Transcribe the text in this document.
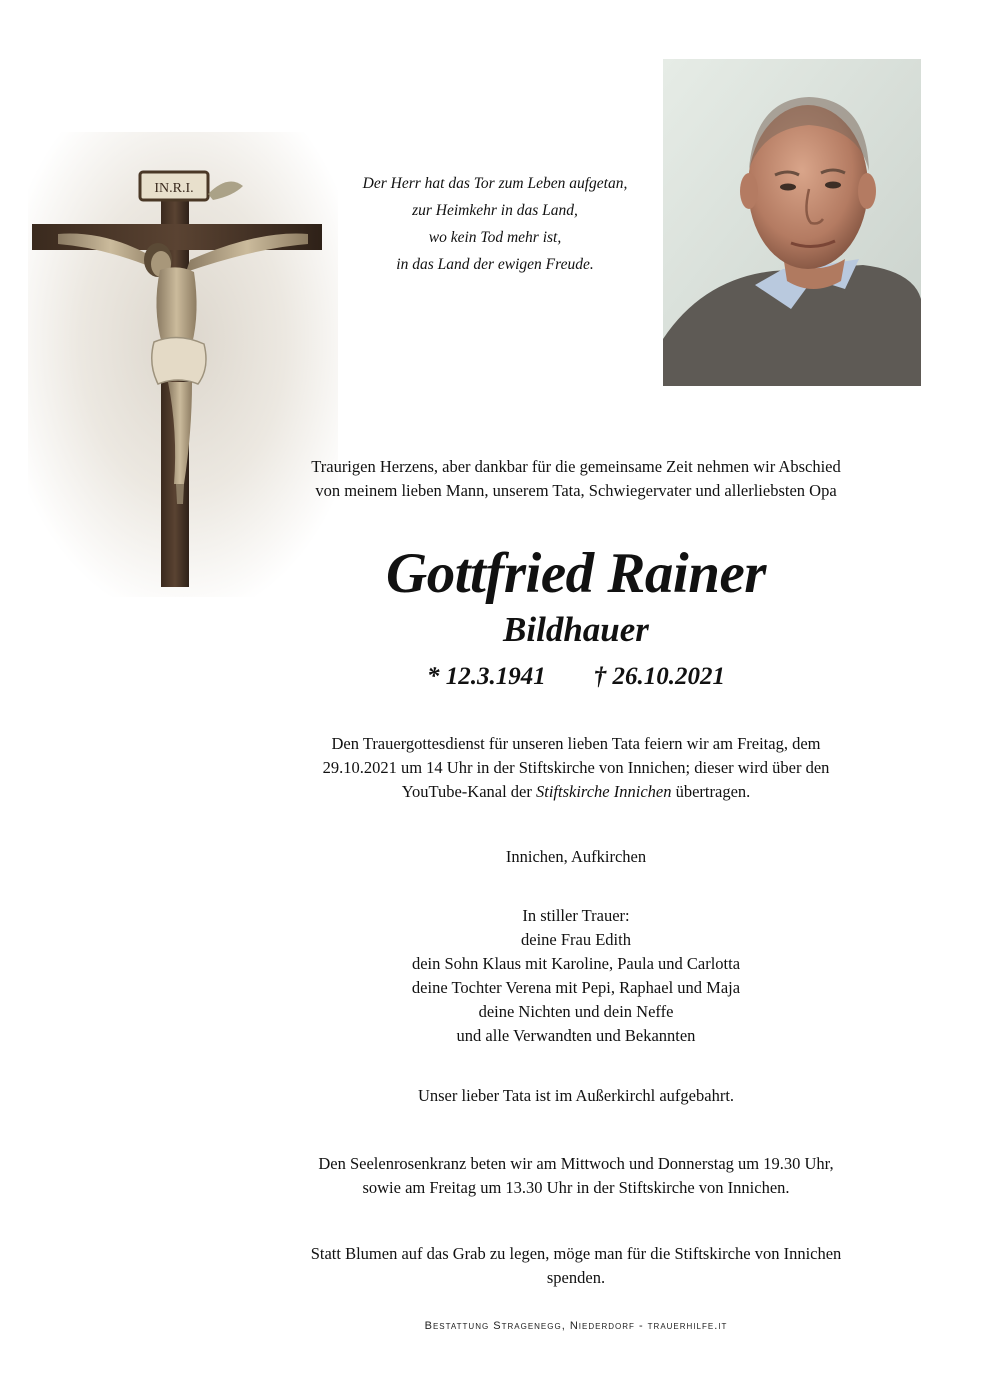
IN.R.I.	Der Herr hat das Tor zum Leben aufgetan,
zur Heimkehr in das Land,
wo kein Tod mehr ist,
in das Land der ewigen Freude.
Traurigen Herzens, aber dankbar für die gemeinsame Zeit nehmen wir Abschied
von meinem lieben Mann, unserem Tata, Schwiegervater und allerliebsten Opa
Gottfried Rainer
Bildhauer
* 12.3.1941 † 26.10.2021
Den Trauergottesdienst für unseren lieben Tata feiern wir am Freitag, dem
29.10.2021 um 14 Uhr in der Stiftskirche von Innichen; dieser wird über den
YouTube-Kanal der Stiftskirche Innichen übertragen.
Innichen, Aufkirchen
In stiller Trauer:
deine Frau Edith
dein Sohn Klaus mit Karoline, Paula und Carlotta
deine Tochter Verena mit Pepi, Raphael und Maja
deine Nichten und dein Neffe
und alle Verwandten und Bekannten
Unser lieber Tata ist im Außerkirchl aufgebahrt.
Den Seelenrosenkranz beten wir am Mittwoch und Donnerstag um 19.30 Uhr,
sowie am Freitag um 13.30 Uhr in der Stiftskirche von Innichen.
Statt Blumen auf das Grab zu legen, möge man für die Stiftskirche von Innichen
spenden.
Bestattung Stragenegg, Niederdorf - trauerhilfe.it
